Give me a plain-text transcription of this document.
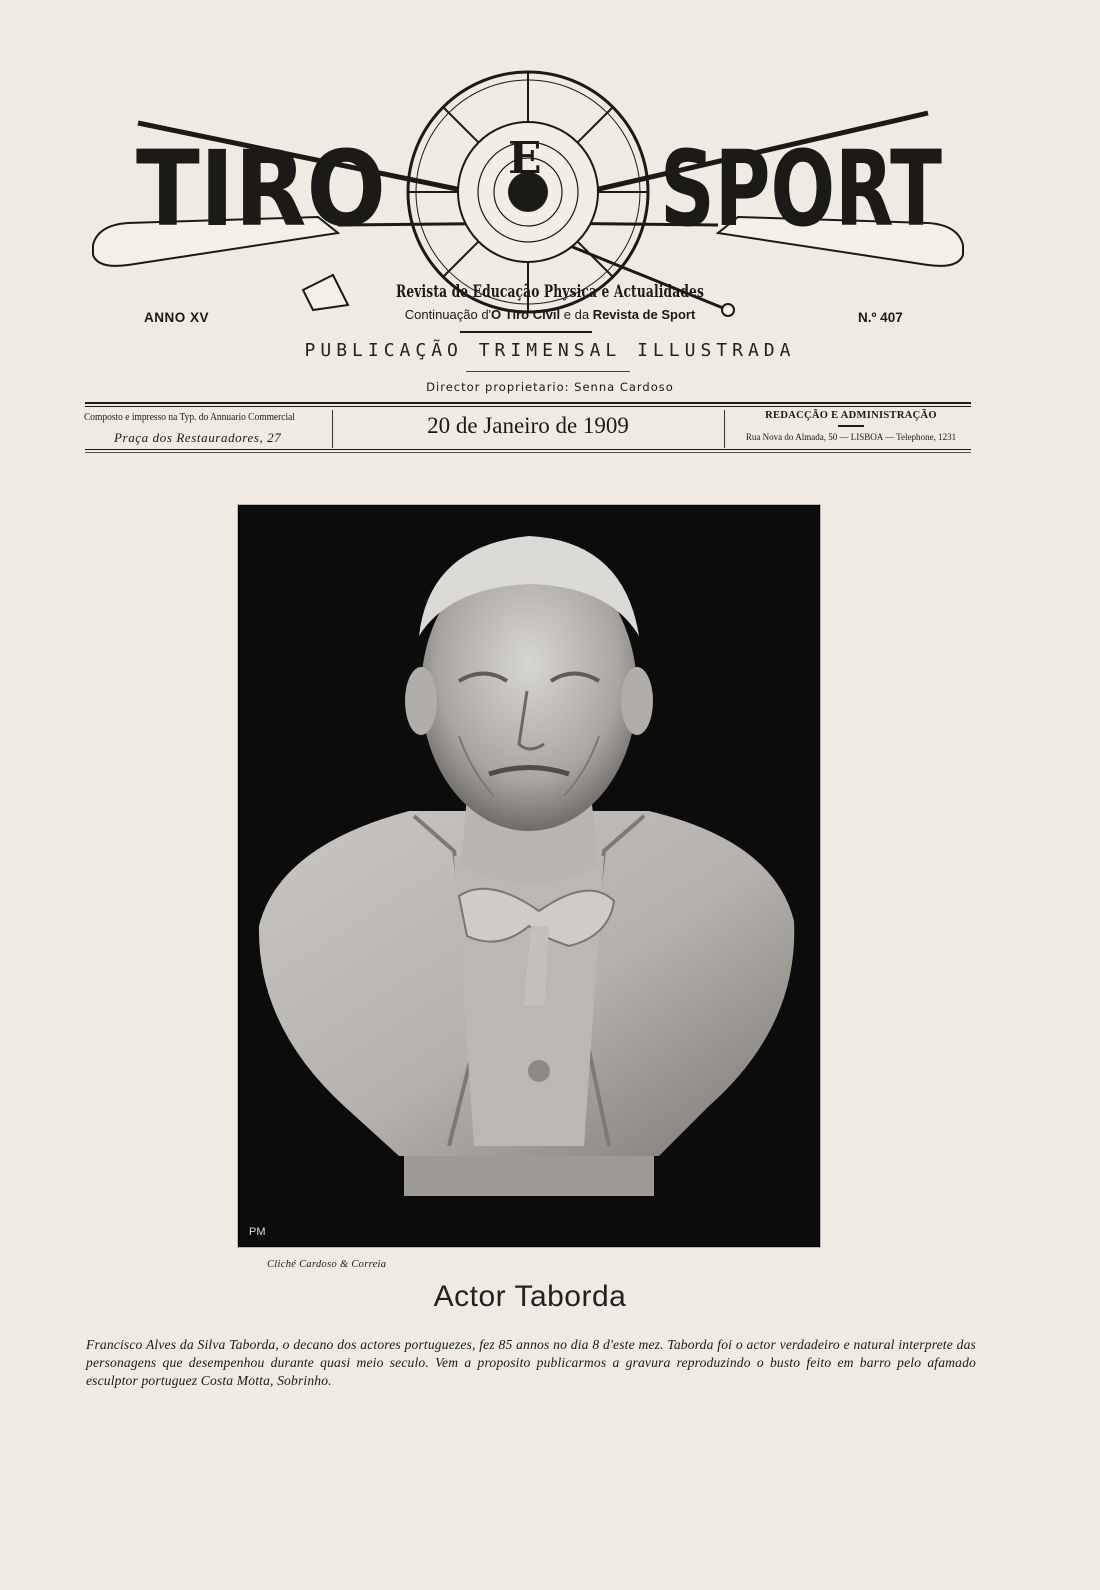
TIRO	E SPORT
Revista de Educação Physica e Actualidades
Continuação d'O Tiro Civil e da Revista de Sport
ANNO XV	N.º 407
PUBLICAÇÃO TRIMENSAL ILLUSTRADA
Director proprietario: Senna Cardoso
Composto e impresso na Typ. do Annuario Commercial
Praça dos Restauradores, 27	20 de Janeiro de 1909	REDACÇÃO E ADMINISTRAÇÃO
Rua Nova do Almada, 50 — LISBOA — Telephone, 1231
PM
Cliché Cardoso & Correia
Actor Taborda
Francisco Alves da Silva Taborda, o decano dos actores portuguezes, fez 85 annos no dia 8 d'este mez. Taborda foi o actor verdadeiro e natural interprete das personagens que desempenhou durante quasi meio seculo. Vem a proposito publicarmos a gravura reproduzindo o busto feito em barro pelo afamado esculptor portuguez Costa Motta, Sobrinho.
